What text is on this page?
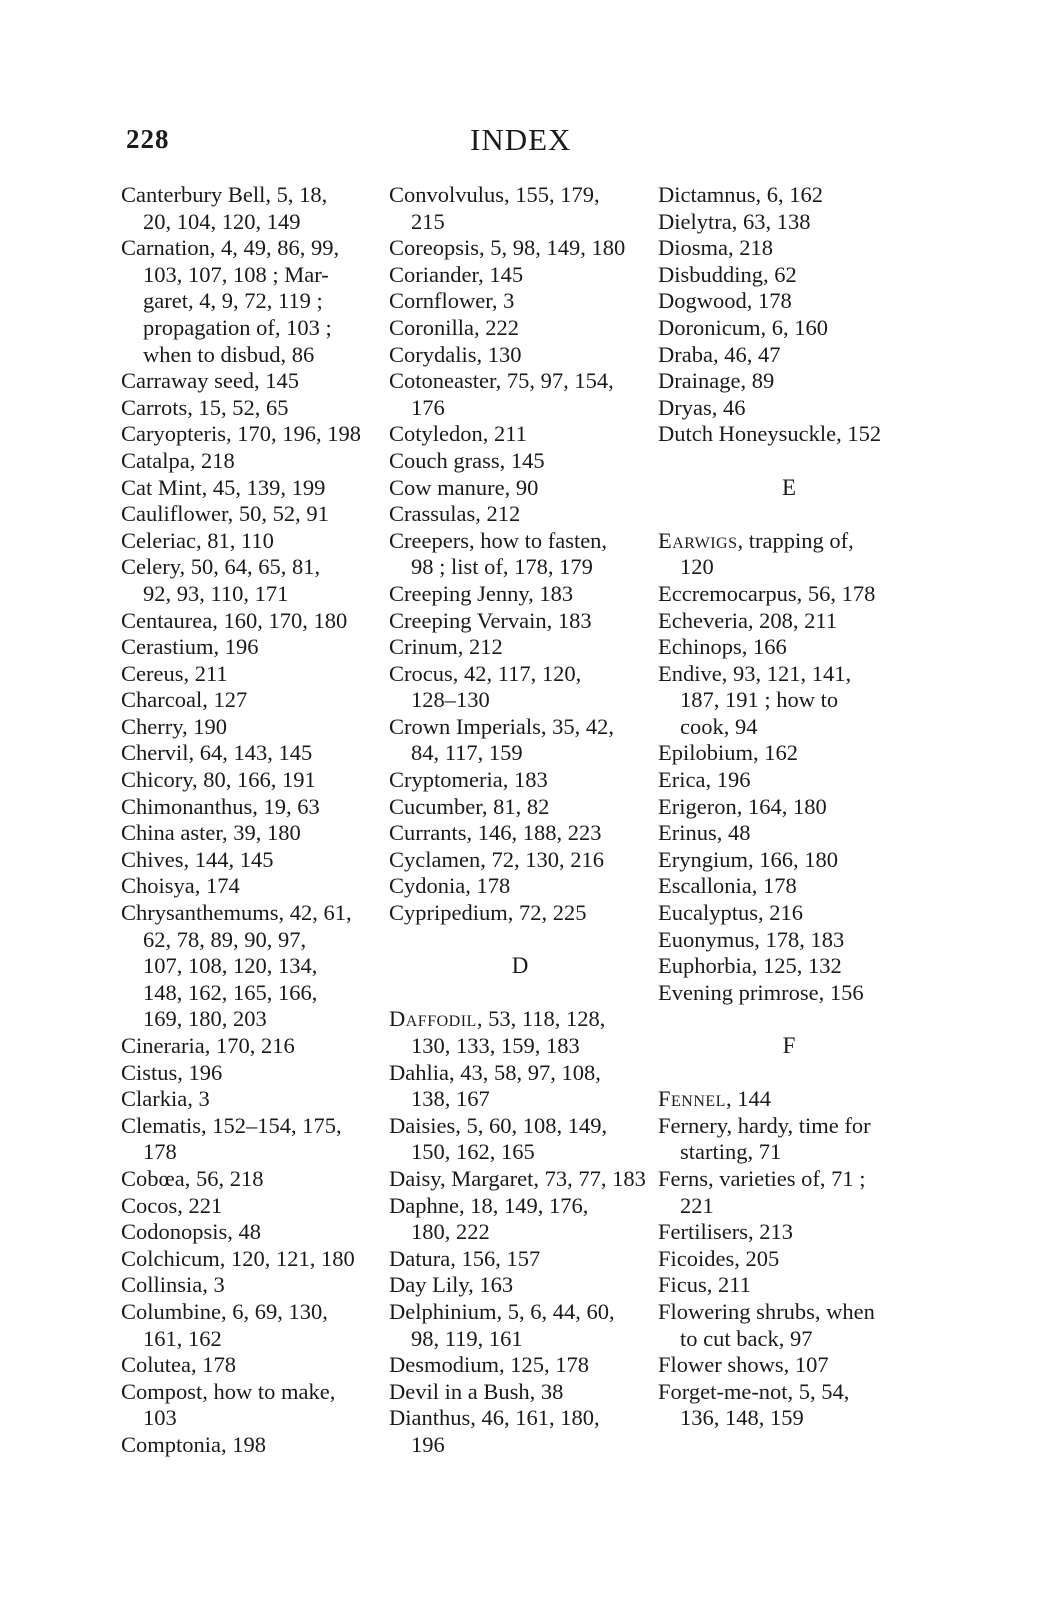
228	INDEX
Canterbury Bell, 5, 18,
20, 104, 120, 149
Carnation, 4, 49, 86, 99,
103, 107, 108 ; Mar-
garet, 4, 9, 72, 119 ;
propagation of, 103 ;
when to disbud, 86
Carraway seed, 145
Carrots, 15, 52, 65
Caryopteris, 170, 196, 198
Catalpa, 218
Cat Mint, 45, 139, 199
Cauliflower, 50, 52, 91
Celeriac, 81, 110
Celery, 50, 64, 65, 81,
92, 93, 110, 171
Centaurea, 160, 170, 180
Cerastium, 196
Cereus, 211
Charcoal, 127
Cherry, 190
Chervil, 64, 143, 145
Chicory, 80, 166, 191
Chimonanthus, 19, 63
China aster, 39, 180
Chives, 144, 145
Choisya, 174
Chrysanthemums, 42, 61,
62, 78, 89, 90, 97,
107, 108, 120, 134,
148, 162, 165, 166,
169, 180, 203
Cineraria, 170, 216
Cistus, 196
Clarkia, 3
Clematis, 152–154, 175,
178
Cobœa, 56, 218
Cocos, 221
Codonopsis, 48
Colchicum, 120, 121, 180
Collinsia, 3
Columbine, 6, 69, 130,
161, 162
Colutea, 178
Compost, how to make,
103
Comptonia, 198
Convolvulus, 155, 179,
215
Coreopsis, 5, 98, 149, 180
Coriander, 145
Cornflower, 3
Coronilla, 222
Corydalis, 130
Cotoneaster, 75, 97, 154,
176
Cotyledon, 211
Couch grass, 145
Cow manure, 90
Crassulas, 212
Creepers, how to fasten,
98 ; list of, 178, 179
Creeping Jenny, 183
Creeping Vervain, 183
Crinum, 212
Crocus, 42, 117, 120,
128–130
Crown Imperials, 35, 42,
84, 117, 159
Cryptomeria, 183
Cucumber, 81, 82
Currants, 146, 188, 223
Cyclamen, 72, 130, 216
Cydonia, 178
Cypripedium, 72, 225
D
Daffodil, 53, 118, 128,
130, 133, 159, 183
Dahlia, 43, 58, 97, 108,
138, 167
Daisies, 5, 60, 108, 149,
150, 162, 165
Daisy, Margaret, 73, 77, 183
Daphne, 18, 149, 176,
180, 222
Datura, 156, 157
Day Lily, 163
Delphinium, 5, 6, 44, 60,
98, 119, 161
Desmodium, 125, 178
Devil in a Bush, 38
Dianthus, 46, 161, 180,
196
Dictamnus, 6, 162
Dielytra, 63, 138
Diosma, 218
Disbudding, 62
Dogwood, 178
Doronicum, 6, 160
Draba, 46, 47
Drainage, 89
Dryas, 46
Dutch Honeysuckle, 152
E
Earwigs, trapping of,
120
Eccremocarpus, 56, 178
Echeveria, 208, 211
Echinops, 166
Endive, 93, 121, 141,
187, 191 ; how to
cook, 94
Epilobium, 162
Erica, 196
Erigeron, 164, 180
Erinus, 48
Eryngium, 166, 180
Escallonia, 178
Eucalyptus, 216
Euonymus, 178, 183
Euphorbia, 125, 132
Evening primrose, 156
F
Fennel, 144
Fernery, hardy, time for
starting, 71
Ferns, varieties of, 71 ;
221
Fertilisers, 213
Ficoides, 205
Ficus, 211
Flowering shrubs, when
to cut back, 97
Flower shows, 107
Forget-me-not, 5, 54,
136, 148, 159
